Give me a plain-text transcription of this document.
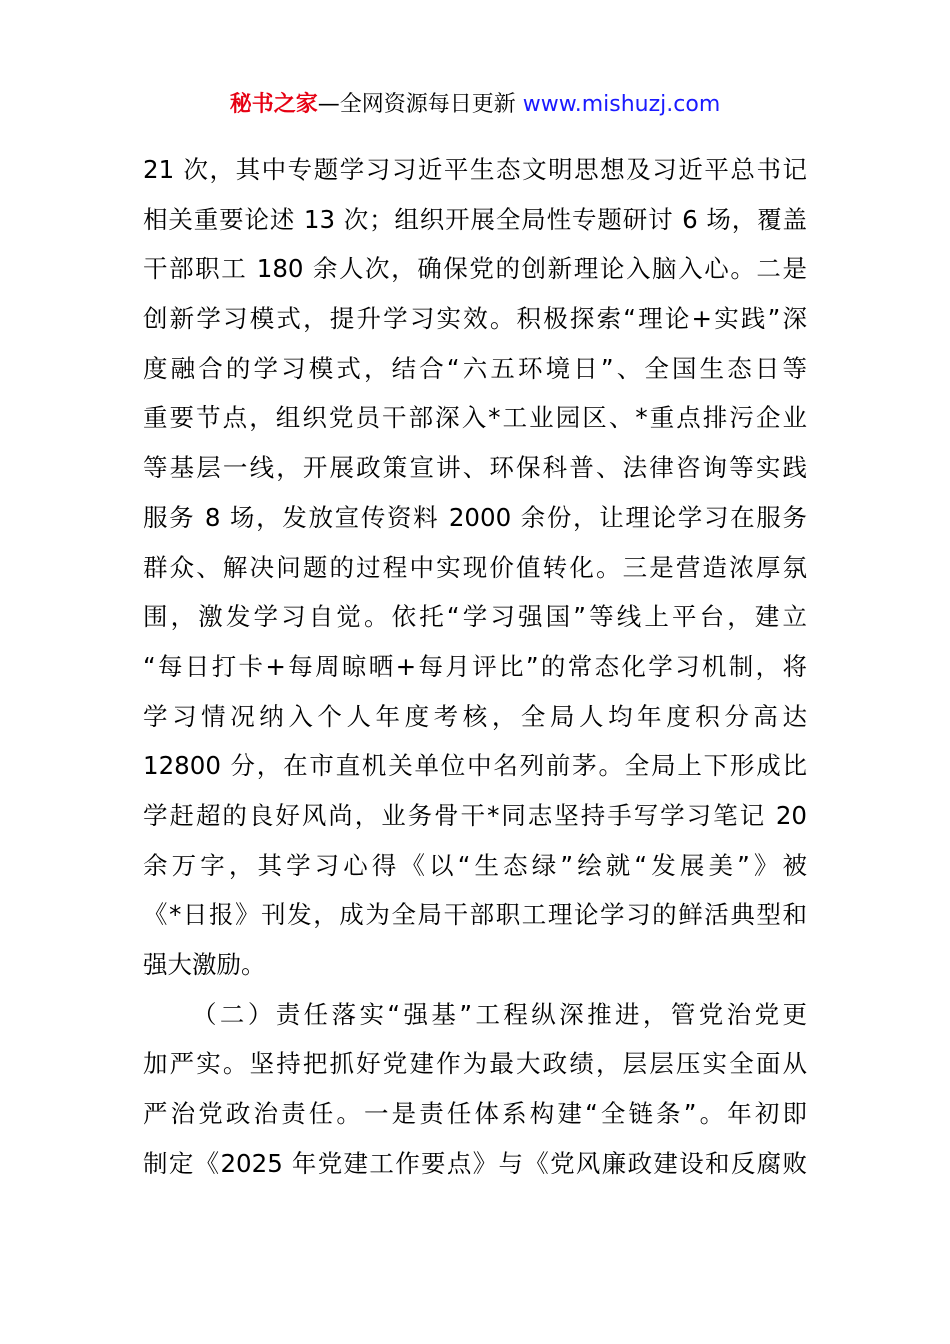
秘书之家—全网资源每日更新 www.mishuzj.com
21 次，其中专题学习习近平生态文明思想及习近平总书记
相关重要论述 13 次；组织开展全局性专题研讨 6 场，覆盖
干部职工 180 余人次，确保党的创新理论入脑入心。二是
创新学习模式，提升学习实效。积极探索“理论+实践”深
度融合的学习模式，结合“六五环境日”、全国生态日等
重要节点，组织党员干部深入*工业园区、*重点排污企业
等基层一线，开展政策宣讲、环保科普、法律咨询等实践
服务 8 场，发放宣传资料 2000 余份，让理论学习在服务
群众、解决问题的过程中实现价值转化。三是营造浓厚氛
围，激发学习自觉。依托“学习强国”等线上平台，建立
“每日打卡+每周晾晒+每月评比”的常态化学习机制，将
学习情况纳入个人年度考核，全局人均年度积分高达
12800 分，在市直机关单位中名列前茅。全局上下形成比
学赶超的良好风尚，业务骨干*同志坚持手写学习笔记 20
余万字，其学习心得《以“生态绿”绘就“发展美”》被
《*日报》刊发，成为全局干部职工理论学习的鲜活典型和
强大激励。
（二）责任落实“强基”工程纵深推进，管党治党更
加严实。坚持把抓好党建作为最大政绩，层层压实全面从
严治党政治责任。一是责任体系构建“全链条”。年初即
制定《2025 年党建工作要点》与《党风廉政建设和反腐败
